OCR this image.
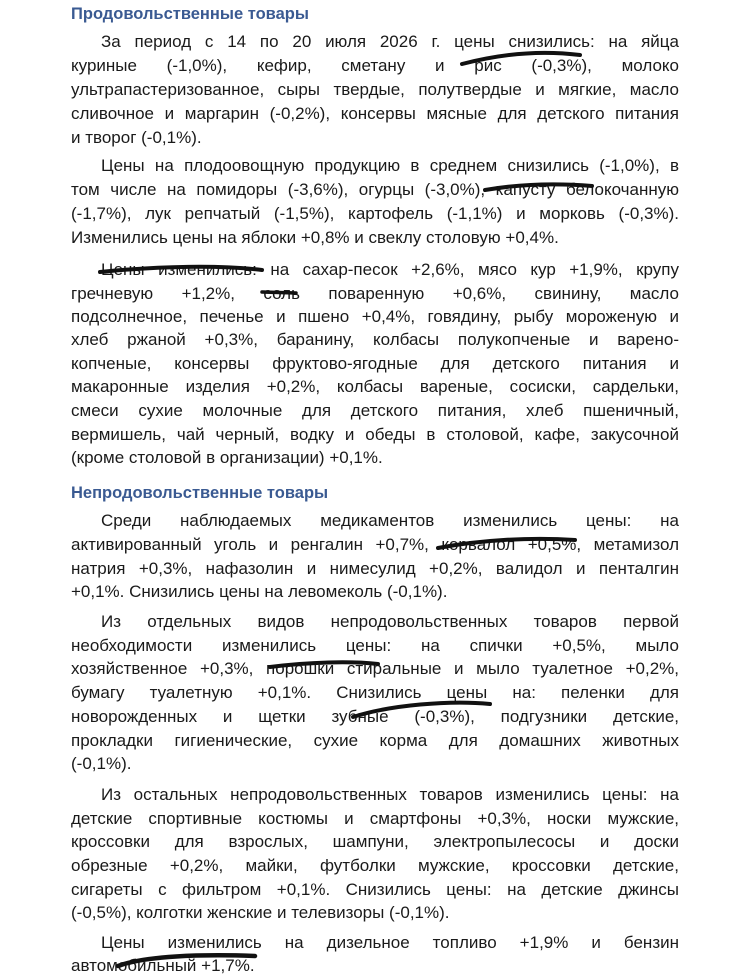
Продовольственные товары
За период с 14 по 20 июля 2026 г. цены снизились: на яйца
куриные (-1,0%), кефир, сметану и рис (-0,3%), молоко
ультрапастеризованное, сыры твердые, полутвердые и мягкие, масло
сливочное и маргарин (-0,2%), консервы мясные для детского питания
и творог (-0,1%).
Цены на плодоовощную продукцию в среднем снизились (-1,0%), в
том числе на помидоры (-3,6%), огурцы (-3,0%), капусту белокочанную
(-1,7%), лук репчатый (-1,5%), картофель (-1,1%) и морковь (-0,3%).
Изменились цены на яблоки +0,8% и свеклу столовую +0,4%.
Цены изменились: на сахар-песок +2,6%, мясо кур +1,9%, крупу
гречневую +1,2%, соль поваренную +0,6%, свинину, масло
подсолнечное, печенье и пшено +0,4%, говядину, рыбу мороженую и
хлеб ржаной +0,3%, баранину, колбасы полукопченые и варено-
копченые, консервы фруктово-ягодные для детского питания и
макаронные изделия +0,2%, колбасы вареные, сосиски, сардельки,
смеси сухие молочные для детского питания, хлеб пшеничный,
вермишель, чай черный, водку и обеды в столовой, кафе, закусочной
(кроме столовой в организации) +0,1%.
Непродовольственные товары
Среди наблюдаемых медикаментов изменились цены: на
активированный уголь и ренгалин +0,7%, корвалол +0,5%, метамизол
натрия +0,3%, нафазолин и нимесулид +0,2%, валидол и пенталгин
+0,1%. Снизились цены на левомеколь (-0,1%).
Из отдельных видов непродовольственных товаров первой
необходимости изменились цены: на спички +0,5%, мыло
хозяйственное +0,3%, порошки стиральные и мыло туалетное +0,2%,
бумагу туалетную +0,1%. Снизились цены на: пеленки для
новорожденных и щетки зубные (-0,3%), подгузники детские,
прокладки гигиенические, сухие корма для домашних животных
(-0,1%).
Из остальных непродовольственных товаров изменились цены: на
детские спортивные костюмы и смартфоны +0,3%, носки мужские,
кроссовки для взрослых, шампуни, электропылесосы и доски
обрезные +0,2%, майки, футболки мужские, кроссовки детские,
сигареты с фильтром +0,1%. Снизились цены: на детские джинсы
(-0,5%), колготки женские и телевизоры (-0,1%).
Цены изменились на дизельное топливо +1,9% и бензин
автомобильный +1,7%.
